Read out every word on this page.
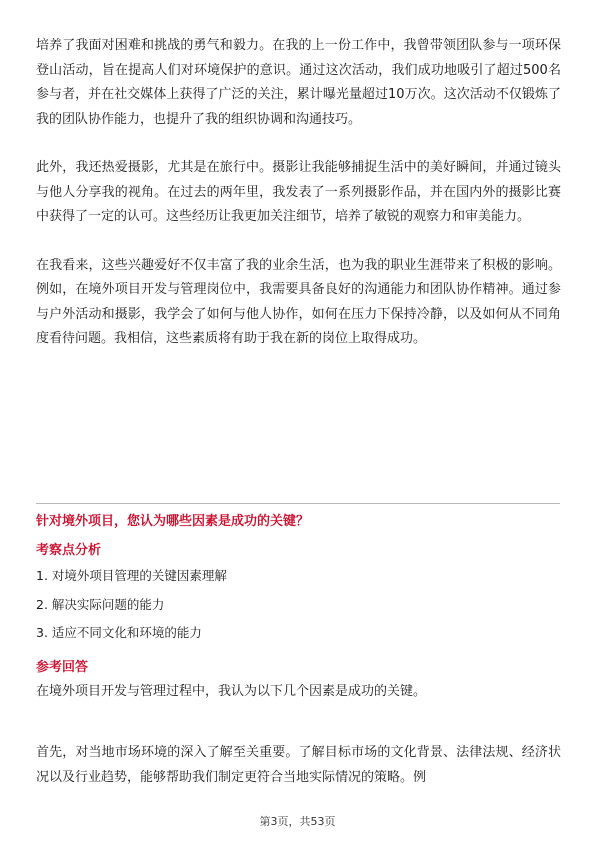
培养了我面对困难和挑战的勇气和毅力。在我的上一份工作中，我曾带领团队参与一项环保登山活动，旨在提高人们对环境保护的意识。通过这次活动，我们成功地吸引了超过500名参与者，并在社交媒体上获得了广泛的关注，累计曝光量超过10万次。这次活动不仅锻炼了我的团队协作能力，也提升了我的组织协调和沟通技巧。

此外，我还热爱摄影，尤其是在旅行中。摄影让我能够捕捉生活中的美好瞬间，并通过镜头与他人分享我的视角。在过去的两年里，我发表了一系列摄影作品，并在国内外的摄影比赛中获得了一定的认可。这些经历让我更加关注细节，培养了敏锐的观察力和审美能力。

在我看来，这些兴趣爱好不仅丰富了我的业余生活，也为我的职业生涯带来了积极的影响。例如，在境外项目开发与管理岗位中，我需要具备良好的沟通能力和团队协作精神。通过参与户外活动和摄影，我学会了如何与他人协作，如何在压力下保持冷静，以及如何从不同角度看待问题。我相信，这些素质将有助于我在新的岗位上取得成功。

针对境外项目，您认为哪些因素是成功的关键？
考察点分析
1. 对境外项目管理的关键因素理解
2. 解决实际问题的能力
3. 适应不同文化和环境的能力
参考回答

在境外项目开发与管理过程中，我认为以下几个因素是成功的关键。

首先，对当地市场环境的深入了解至关重要。了解目标市场的文化背景、法律法规、经济状况以及行业趋势，能够帮助我们制定更符合当地实际情况的策略。例

第3页，共53页
